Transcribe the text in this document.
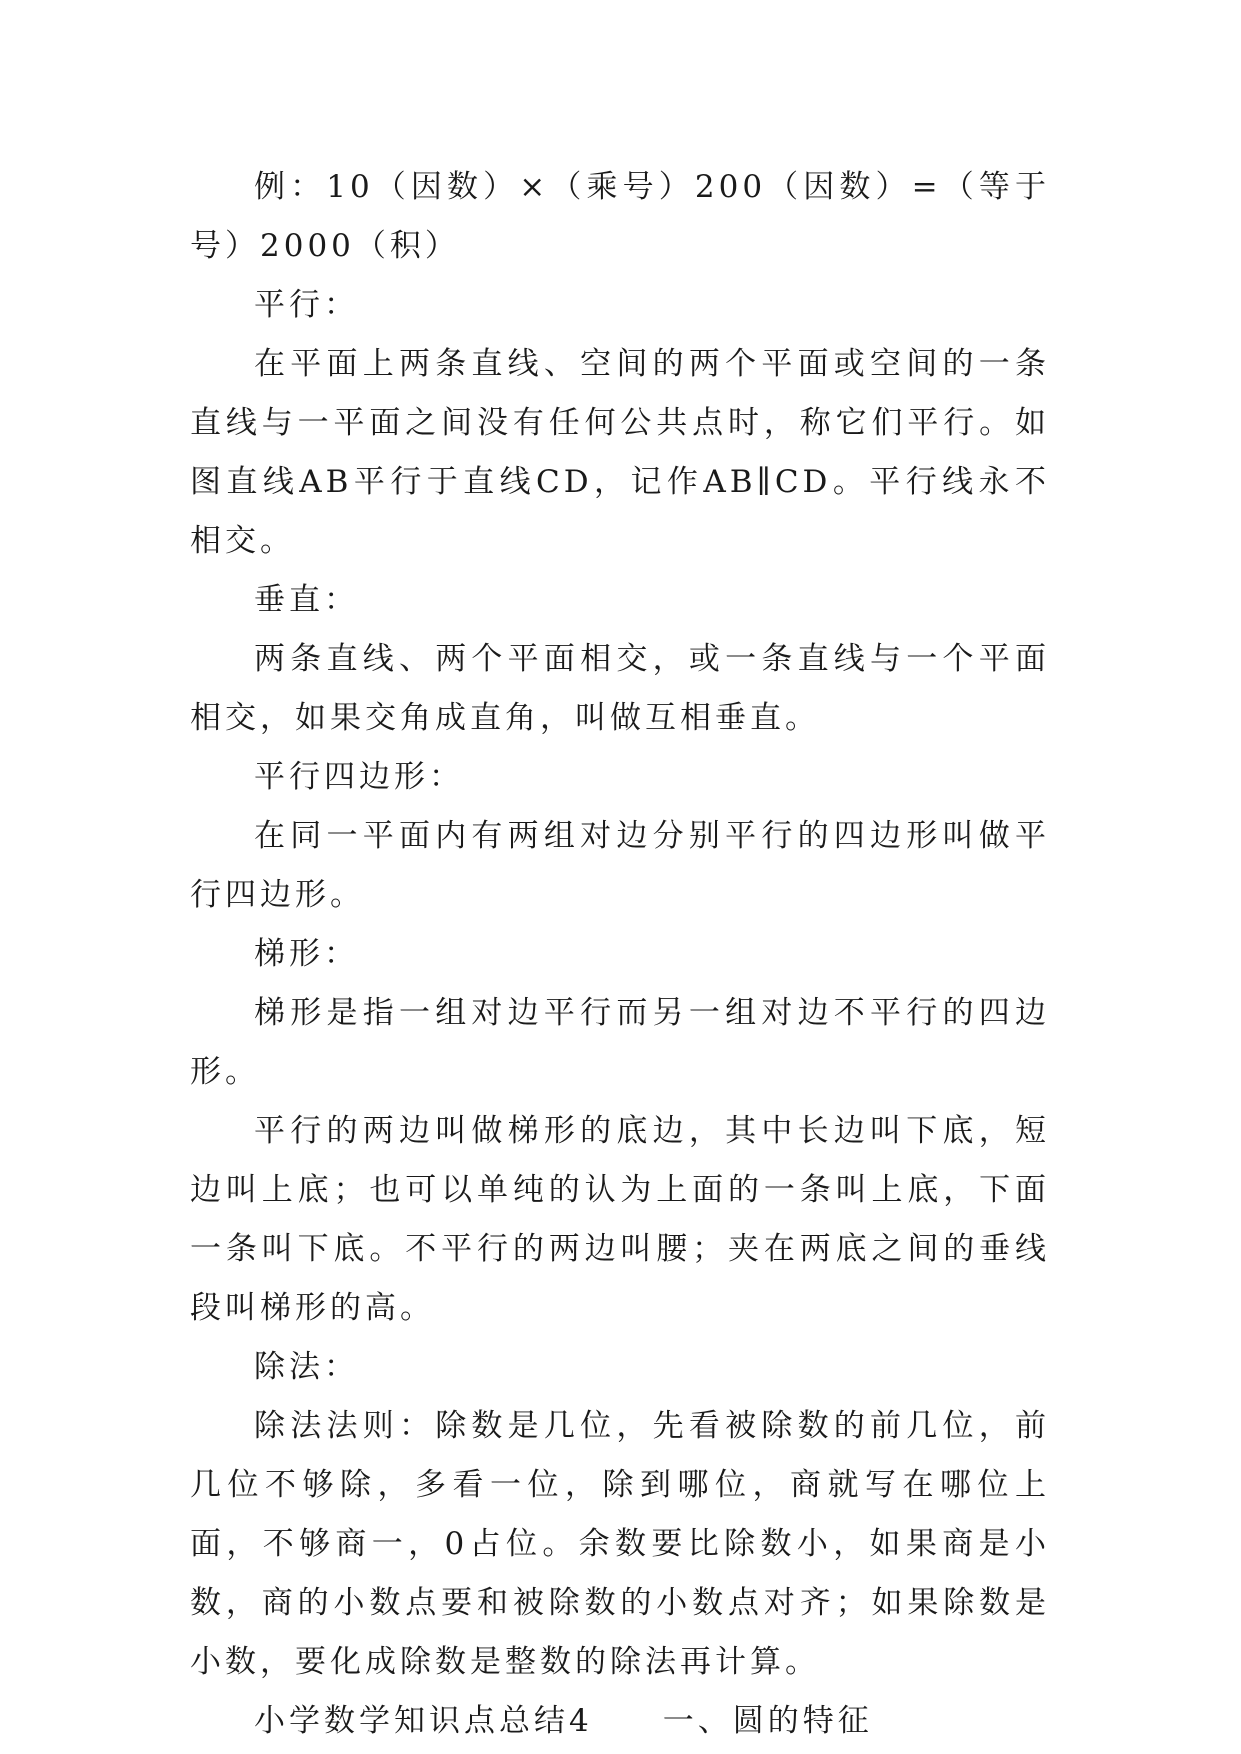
例：10（因数）×（乘号）200（因数）=（等于号）2000（积）

平行：

在平面上两条直线、空间的两个平面或空间的一条直线与一平面之间没有任何公共点时，称它们平行。如图直线AB平行于直线CD，记作AB∥CD。平行线永不相交。

垂直：

两条直线、两个平面相交，或一条直线与一个平面相交，如果交角成直角，叫做互相垂直。

平行四边形：

在同一平面内有两组对边分别平行的四边形叫做平行四边形。

梯形：

梯形是指一组对边平行而另一组对边不平行的四边形。

平行的两边叫做梯形的底边，其中长边叫下底，短边叫上底；也可以单纯的认为上面的一条叫上底，下面一条叫下底。不平行的两边叫腰；夹在两底之间的垂线段叫梯形的高。

除法：

除法法则：除数是几位，先看被除数的前几位，前几位不够除，多看一位，除到哪位，商就写在哪位上面，不够商一，0占位。余数要比除数小，如果商是小数，商的小数点要和被除数的小数点对齐；如果除数是小数，要化成除数是整数的除法再计算。

小学数学知识点总结4　　一、圆的特征
